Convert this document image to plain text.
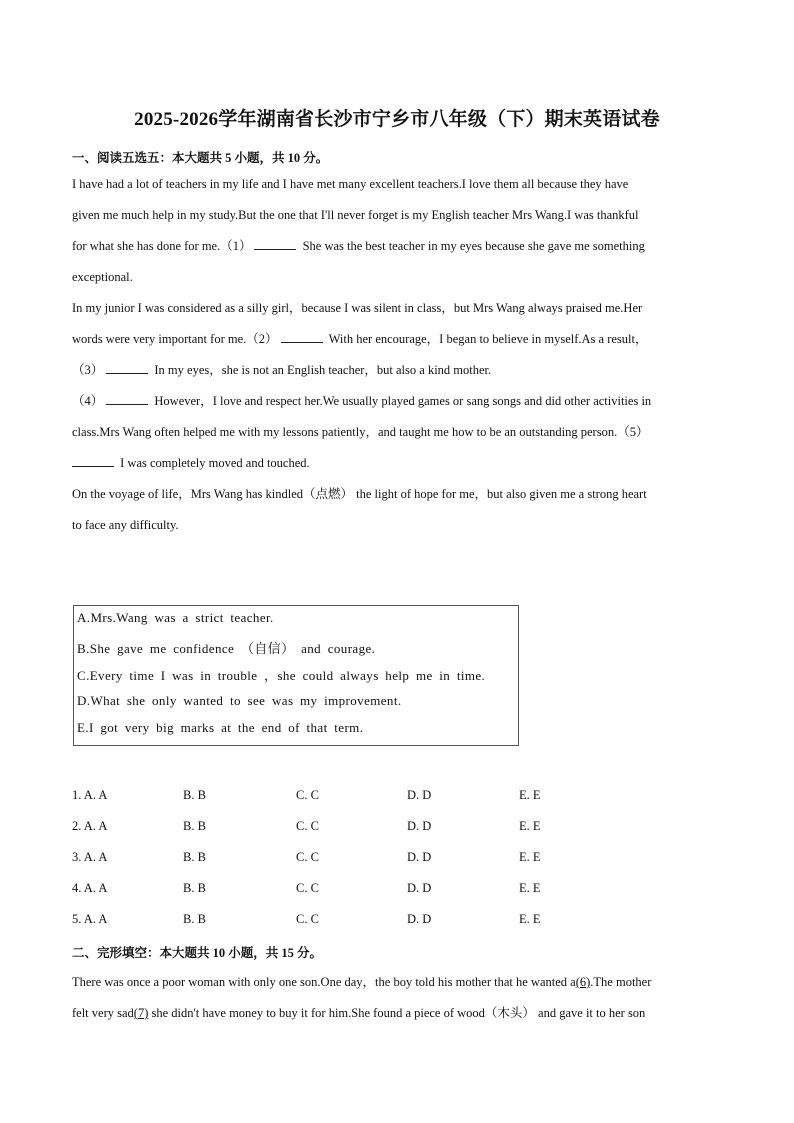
2025-2026学年湖南省长沙市宁乡市八年级（下）期末英语试卷
一、阅读五选五：本大题共 5 小题，共 10 分。

I have had a lot of teachers in my life and I have met many excellent teachers.I love them all because they have

given me much help in my study.But the one that I'll never forget is my English teacher Mrs Wang.I was thankful

for what she has done for me.（1）	She was the best teacher in my eyes because she gave me something

exceptional.

In my junior I was considered as a silly girl，because I was silent in class，but Mrs Wang always praised me.Her

words were very important for me.（2）	With her encourage，I began to believe in myself.As a result，

（3）	In my eyes，she is not an English teacher，but also a kind mother.

（4）	However，I love and respect her.We usually played games or sang songs and did other activities in

class.Mrs Wang often helped me with my lessons patiently，and taught me how to be an outstanding person.（5）

I was completely moved and touched.

On the voyage of life，Mrs Wang has kindled（点燃） the light of hope for me，but also given me a strong heart

to face any difficulty.

A.Mrs.Wang was a strict teacher.
B.She gave me confidence （自信） and courage.
C.Every time I was in trouble ，she could always help me in time.
D.What she only wanted to see was my improvement.
E.I got very big marks at the end of that term.
1. A. A	B. B	C. C	D. D	E. E
2. A. A	B. B	C. C	D. D	E. E
3. A. A	B. B	C. C	D. D	E. E
4. A. A	B. B	C. C	D. D	E. E
5. A. A	B. B	C. C	D. D	E. E
二、完形填空：本大题共 10 小题，共 15 分。

There was once a poor woman with only one son.One day，the boy told his mother that he wanted a(6).The mother

felt very sad(7) she didn't have money to buy it for him.She found a piece of wood（木头） and gave it to her son
